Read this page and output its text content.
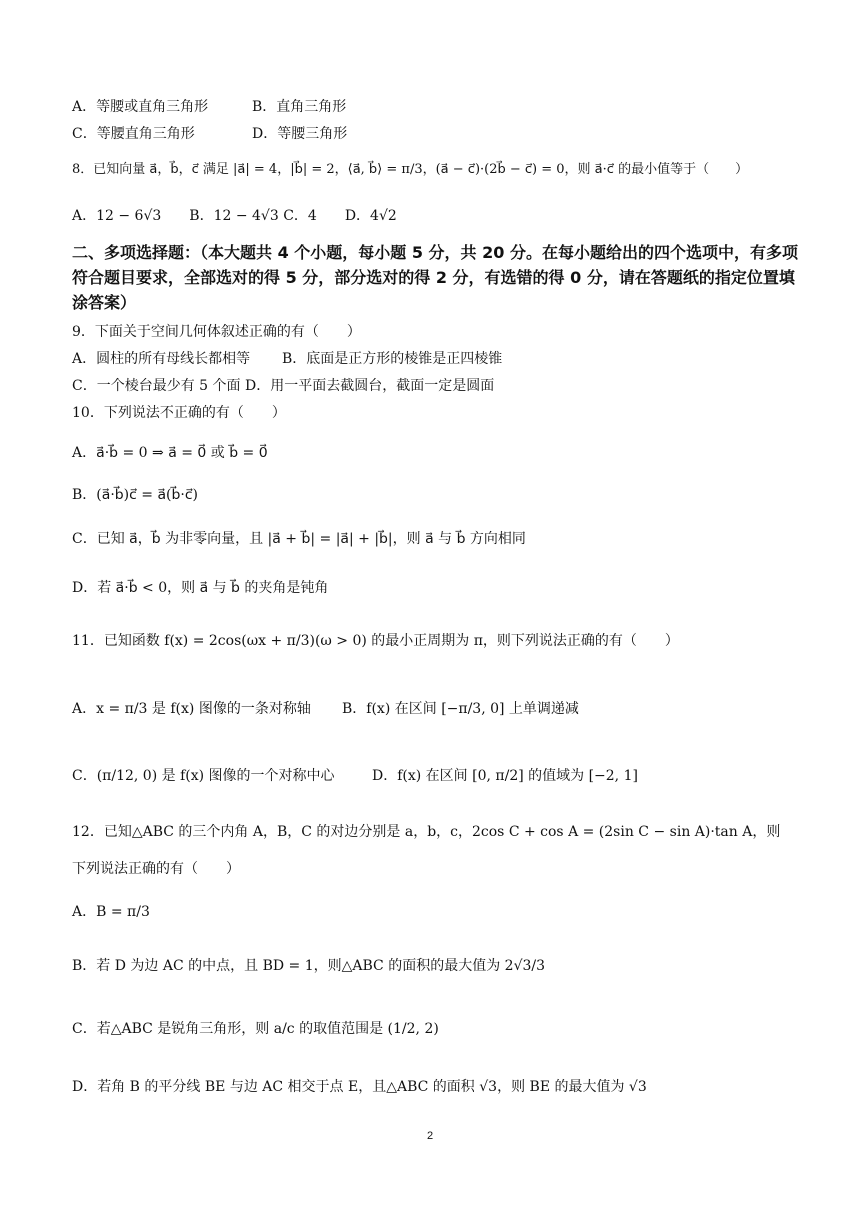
A．等腰或直角三角形	B．直角三角形
C．等腰直角三角形	D．等腰三角形
8．已知向量 a⃗，b⃗，c⃗ 满足 |a⃗| = 4，|b⃗| = 2，⟨a⃗, b⃗⟩ = π/3，(a⃗ − c⃗)·(2b⃗ − c⃗) = 0，则 a⃗·c⃗ 的最小值等于（　　）
A．12 − 6√3　　B．12 − 4√3 C．4　　D．4√2
二、多项选择题：（本大题共 4 个小题，每小题 5 分，共 20 分。在每小题给出的四个选项中，有多项符合题目要求，全部选对的得 5 分，部分选对的得 2 分，有选错的得 0 分，请在答题纸的指定位置填涂答案）
9．下面关于空间几何体叙述正确的有（　　）
A．圆柱的所有母线长都相等 B．底面是正方形的棱锥是正四棱锥
C．一个棱台最少有 5 个面 D．用一平面去截圆台，截面一定是圆面
10．下列说法不正确的有（　　）
A．a⃗·b⃗ = 0 ⇒ a⃗ = 0⃗ 或 b⃗ = 0⃗
B．(a⃗·b⃗)c⃗ = a⃗(b⃗·c⃗)
C．已知 a⃗，b⃗ 为非零向量，且 |a⃗ + b⃗| = |a⃗| + |b⃗|，则 a⃗ 与 b⃗ 方向相同
D．若 a⃗·b⃗ < 0，则 a⃗ 与 b⃗ 的夹角是钝角
11．已知函数 f(x) = 2cos(ωx + π/3)(ω > 0) 的最小正周期为 π，则下列说法正确的有（　　）
A．x = π/3 是 f(x) 图像的一条对称轴 B．f(x) 在区间 [−π/3, 0] 上单调递减
C．(π/12, 0) 是 f(x) 图像的一个对称中心	D．f(x) 在区间 [0, π/2] 的值域为 [−2, 1]
12．已知△ABC 的三个内角 A，B，C 的对边分别是 a，b，c，2cos C + cos A = (2sin C − sin A)·tan A，则
下列说法正确的有（　　）
A．B = π/3
B．若 D 为边 AC 的中点，且 BD = 1，则△ABC 的面积的最大值为 2√3/3
C．若△ABC 是锐角三角形，则 a/c 的取值范围是 (1/2, 2)
D．若角 B 的平分线 BE 与边 AC 相交于点 E，且△ABC 的面积 √3，则 BE 的最大值为 √3
2
